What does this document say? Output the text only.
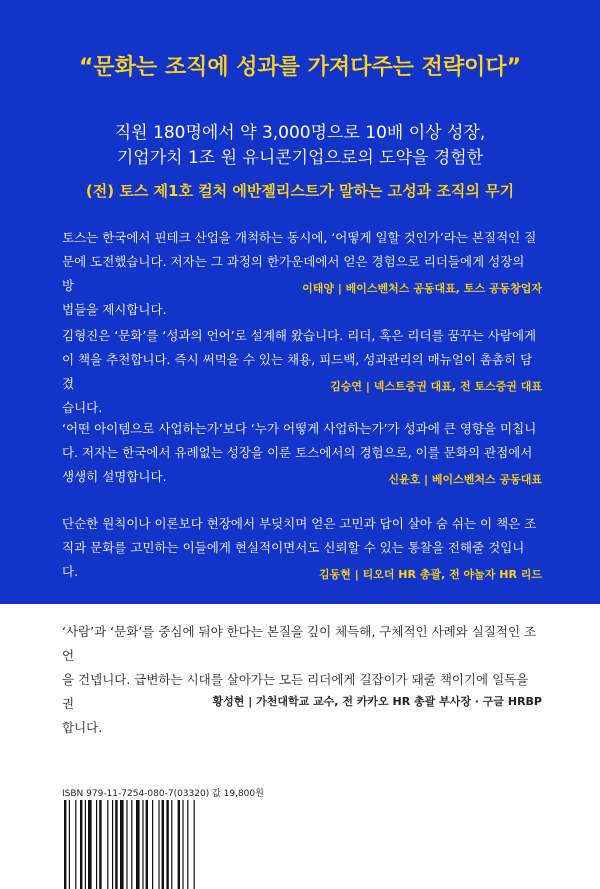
“문화는 조직에 성과를 가져다주는 전략이다”
직원 180명에서 약 3,000명으로 10배 이상 성장,
기업가치 1조 원 유니콘기업으로의 도약을 경험한
(전) 토스 제1호 컬처 에반젤리스트가 말하는 고성과 조직의 무기

토스는 한국에서 핀테크 산업을 개척하는 동시에, ‘어떻게 일할 것인가’라는 본질적인 질

문에 도전했습니다. 저자는 그 과정의 한가운데에서 얻은 경험으로 리더들에게 성장의 방

법들을 제시합니다.

이태양 | 베이스벤처스 공동대표, 토스 공동창업자

김형진은 ‘문화’를 ‘성과의 언어’로 설계해 왔습니다. 리더, 혹은 리더를 꿈꾸는 사람에게

이 책을 추천합니다. 즉시 써먹을 수 있는 채용, 피드백, 성과관리의 매뉴얼이 촘촘히 담겼

습니다.

김승연 | 넥스트증권 대표, 전 토스증권 대표

‘어떤 아이템으로 사업하는가’보다 ‘누가 어떻게 사업하는가’가 성과에 큰 영향을 미칩니

다. 저자는 한국에서 유례없는 성장을 이룬 토스에서의 경험으로, 이를 문화의 관점에서

생생히 설명합니다.	신윤호 | 베이스벤처스 공동대표

단순한 원칙이나 이론보다 현장에서 부딪치며 얻은 고민과 답이 살아 숨 쉬는 이 책은 조

직과 문화를 고민하는 이들에게 현실적이면서도 신뢰할 수 있는 통찰을 전해줄 것입니다.	김동현 | 티오더 HR 총괄, 전 야놀자 HR 리드

‘사람’과 ‘문화’를 중심에 둬야 한다는 본질을 깊이 체득해, 구체적인 사례와 실질적인 조언

을 건넵니다. 급변하는 시대를 살아가는 모든 리더에게 길잡이가 돼줄 책이기에 일독을 권

합니다.

황성현 | 가천대학교 교수, 전 카카오 HR 총괄 부사장 · 구글 HRBP
ISBN 979-11-7254-080-7(03320) 값 19,800원
